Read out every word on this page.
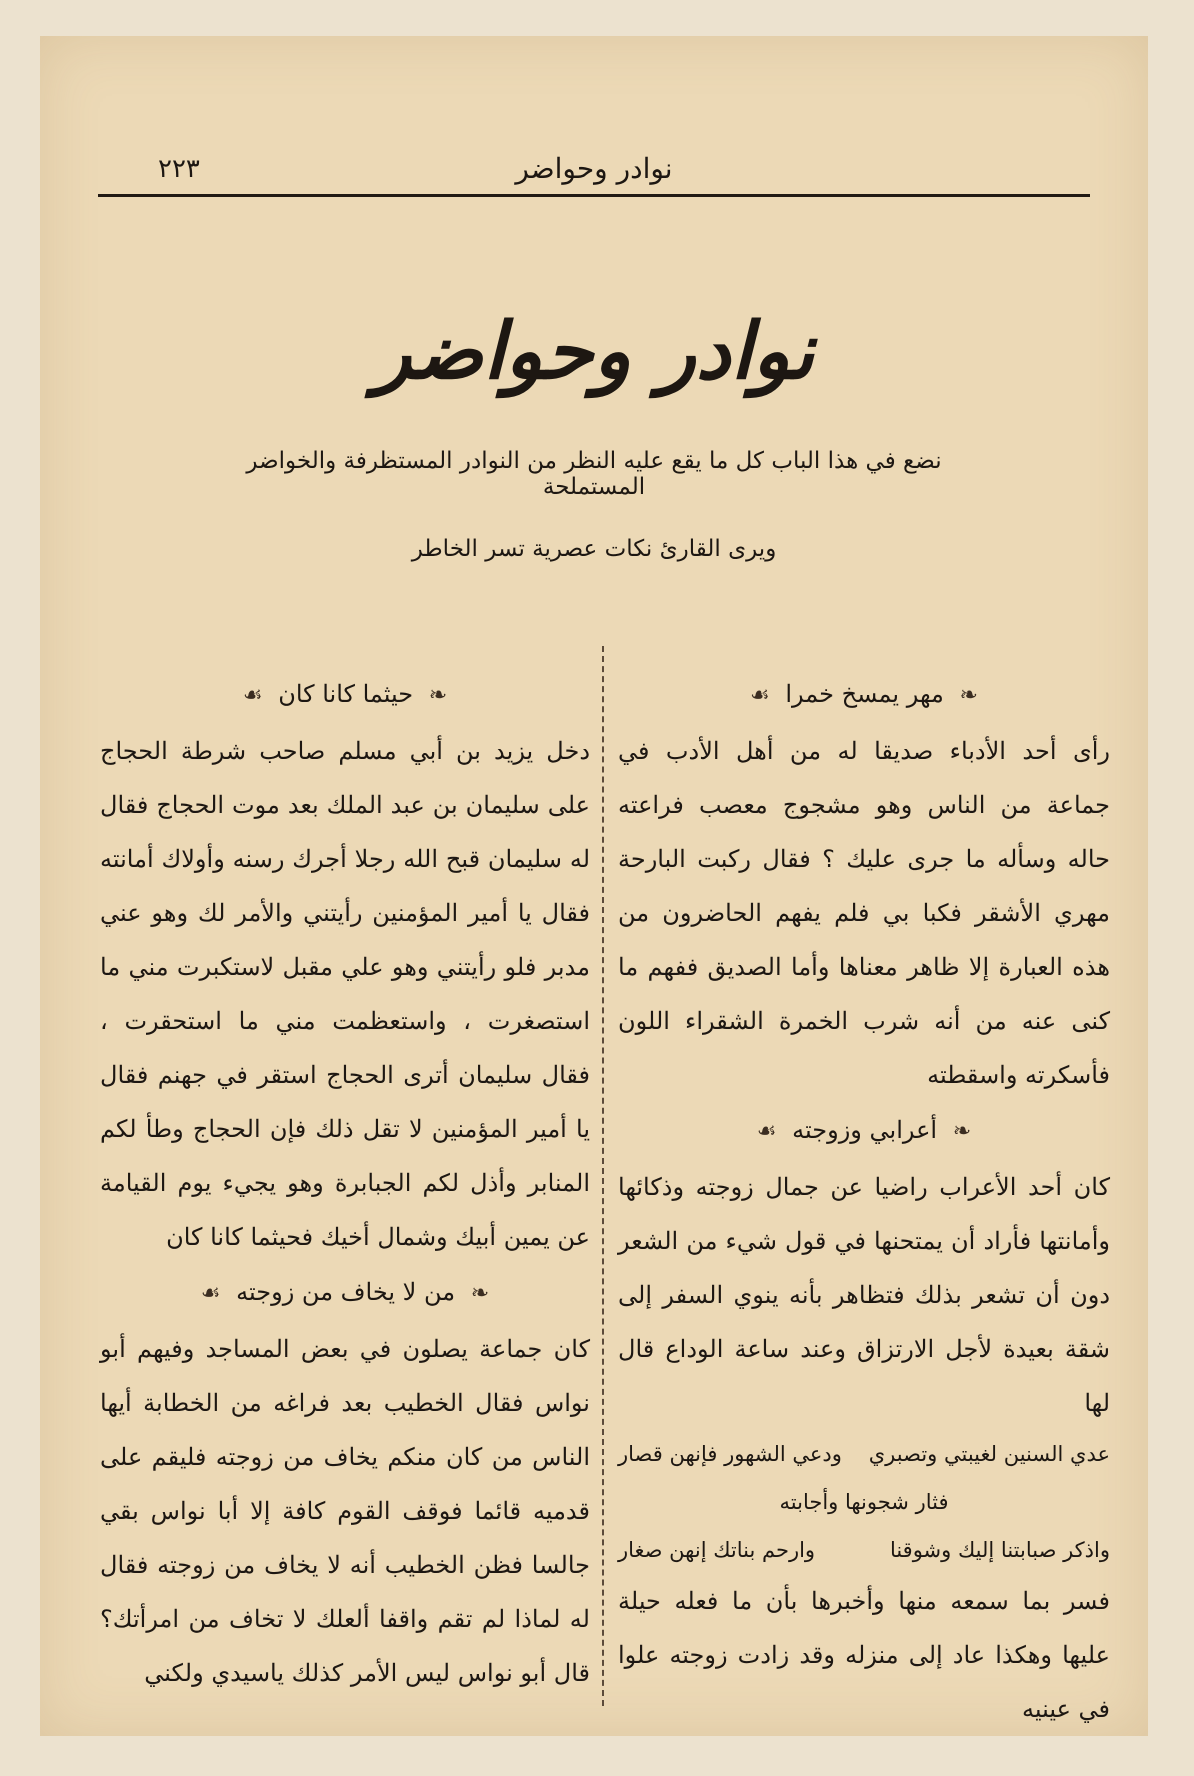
٢٢٣	نوادر وحواضر
نوادر وحواضر
نضع في هذا الباب كل ما يقع عليه النظر من النوادر المستظرفة والخواضر المستملحة
ويرى القارئ نكات عصرية تسر الخاطر

❧ مهر يمسخ خمرا ☙

رأى أحد الأدباء صديقا له من أهل الأدب في جماعة من الناس وهو مشجوج معصب فراعته حاله وسأله ما جرى عليك ؟ فقال ركبت البارحة مهري الأشقر فكبا بي فلم يفهم الحاضرون من هذه العبارة إلا ظاهر معناها وأما الصديق ففهم ما كنى عنه من أنه شرب الخمرة الشقراء اللون فأسكرته واسقطته

❧ أعرابي وزوجته ☙

كان أحد الأعراب راضيا عن جمال زوجته وذكائها وأمانتها فأراد أن يمتحنها في قول شيء من الشعر دون أن تشعر بذلك فتظاهر بأنه ينوي السفر إلى شقة بعيدة لأجل الارتزاق وعند ساعة الوداع قال لها

عدي السنين لغيبتي وتصبري
ودعي الشهور فإنهن قصار

فثار شجونها وأجابته

واذكر صبابتنا إليك وشوقنا
وارحم بناتك إنهن صغار

فسر بما سمعه منها وأخبرها بأن ما فعله حيلة عليها وهكذا عاد إلى منزله وقد زادت زوجته علوا في عينيه

❧ حيثما كانا كان ☙

دخل يزيد بن أبي مسلم صاحب شرطة الحجاج على سليمان بن عبد الملك بعد موت الحجاج فقال له سليمان قبح الله رجلا أجرك رسنه وأولاك أمانته فقال يا أمير المؤمنين رأيتني والأمر لك وهو عني مدبر فلو رأيتني وهو علي مقبل لاستكبرت مني ما استصغرت ، واستعظمت مني ما استحقرت ، فقال سليمان أترى الحجاج استقر في جهنم فقال يا أمير المؤمنين لا تقل ذلك فإن الحجاج وطأ لكم المنابر وأذل لكم الجبابرة وهو يجيء يوم القيامة عن يمين أبيك وشمال أخيك فحيثما كانا كان

❧ من لا يخاف من زوجته ☙

كان جماعة يصلون في بعض المساجد وفيهم أبو نواس فقال الخطيب بعد فراغه من الخطابة أيها الناس من كان منكم يخاف من زوجته فليقم على قدميه قائما فوقف القوم كافة إلا أبا نواس بقي جالسا فظن الخطيب أنه لا يخاف من زوجته فقال له لماذا لم تقم واقفا ألعلك لا تخاف من امرأتك؟ قال أبو نواس ليس الأمر كذلك ياسيدي ولكني
